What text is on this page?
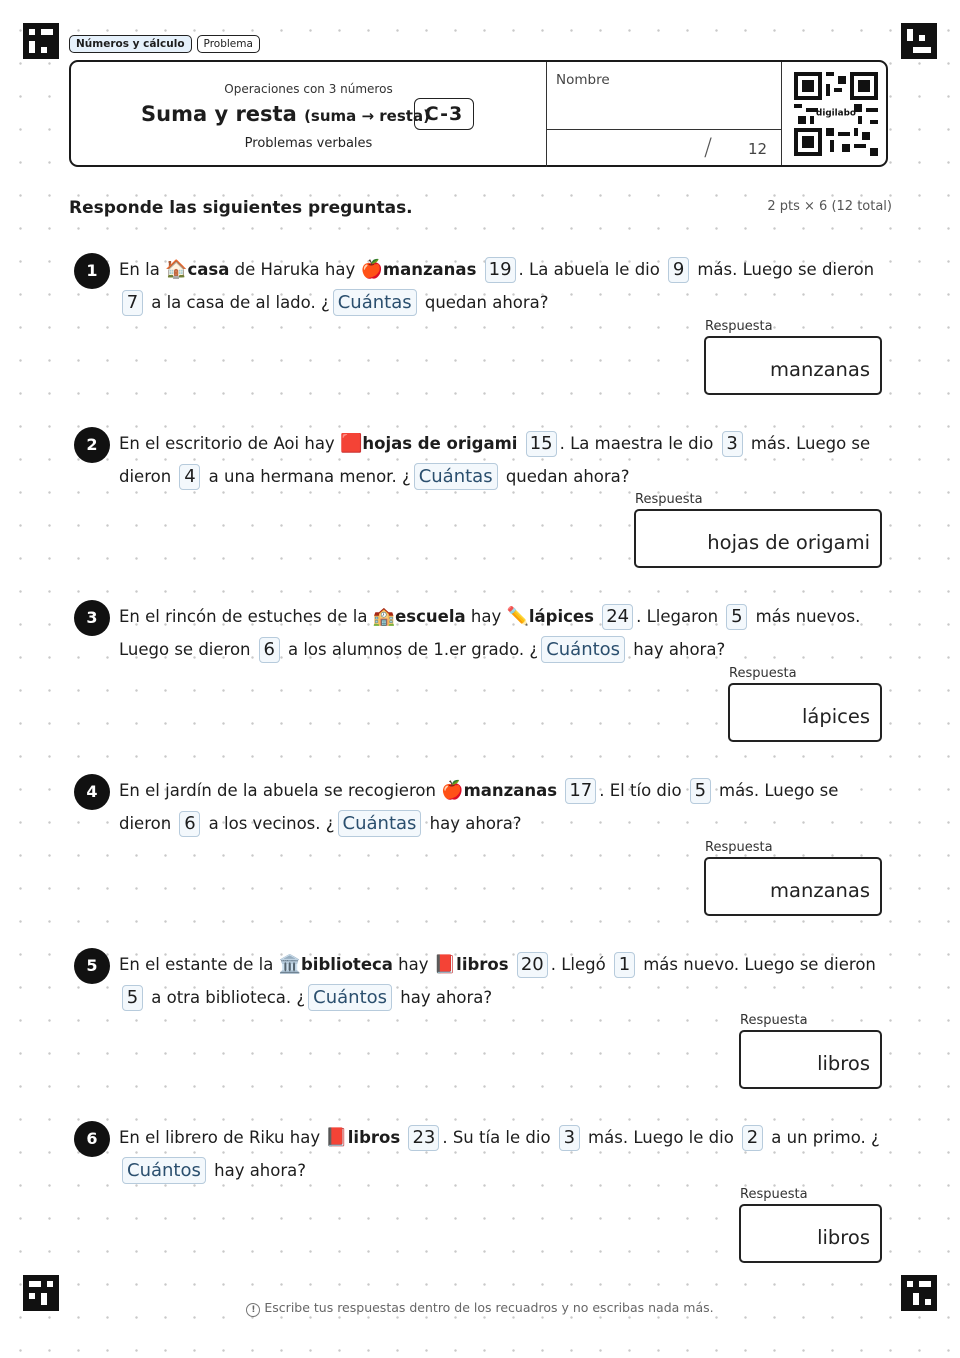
Números y cálculo	Problema
Operaciones con 3 números
Suma y resta (suma → resta)
C-3
Problemas verbales
Nombre
/ 12
digilabo
Responde las siguientes preguntas.	2 pts × 6 (12 total)
1	En la 🏠casa de Haruka hay 🍎manzanas 19 . La abuela le dio 9 más. Luego se dieron 7 a la casa de al lado. ¿ Cuántas quedan ahora?
Respuesta
manzanas
2	En el escritorio de Aoi hay 🟥hojas de origami 15 . La maestra le dio 3 más. Luego se dieron 4 a una hermana menor. ¿ Cuántas quedan ahora?
Respuesta
hojas de origami
3	En el rincón de estuches de la 🏫escuela hay ✏️lápices 24 . Llegaron 5 más nuevos. Luego se dieron 6 a los alumnos de 1.er grado. ¿ Cuántos hay ahora?
Respuesta
lápices
4	En el jardín de la abuela se recogieron 🍎manzanas 17 . El tío dio 5 más. Luego se dieron 6 a los vecinos. ¿ Cuántas hay ahora?
Respuesta
manzanas
5	En el estante de la 🏛️biblioteca hay 📕libros 20 . Llegó 1 más nuevo. Luego se dieron 5 a otra biblioteca. ¿ Cuántos hay ahora?
Respuesta
libros
6	En el librero de Riku hay 📕libros 23 . Su tía le dio 3 más. Luego le dio 2 a un primo. ¿Cuántos hay ahora?
Respuesta
libros
! Escribe tus respuestas dentro de los recuadros y no escribas nada más.
